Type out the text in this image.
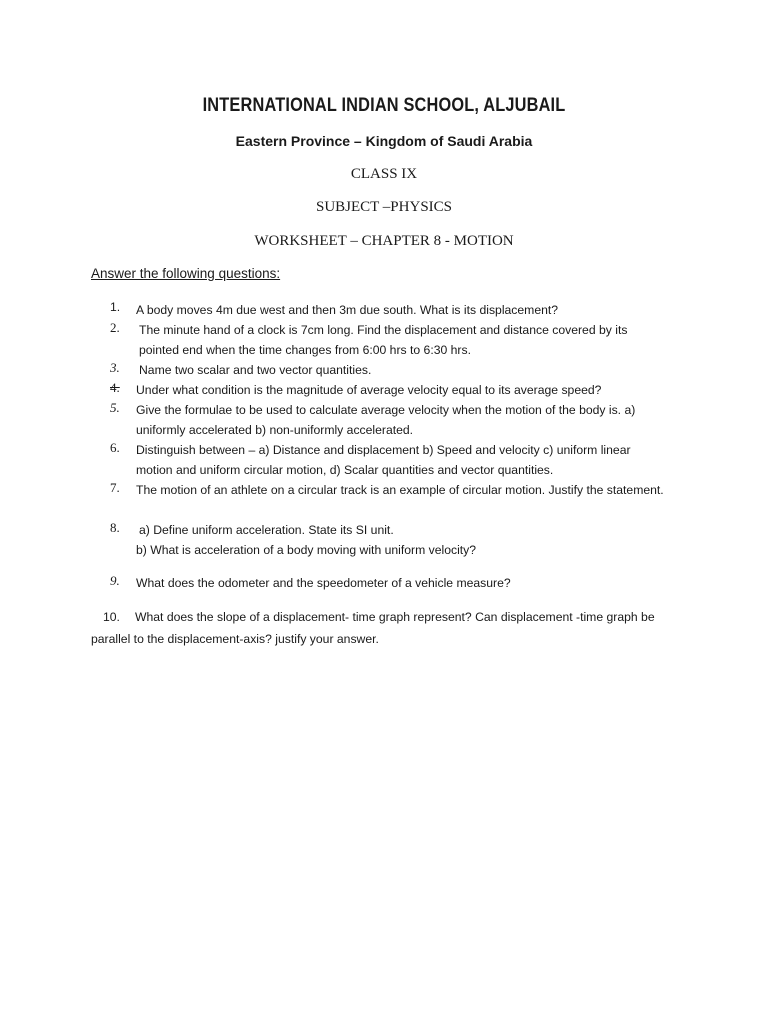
INTERNATIONAL INDIAN SCHOOL, ALJUBAIL
Eastern Province – Kingdom of Saudi Arabia
CLASS IX
SUBJECT –PHYSICS
WORKSHEET – CHAPTER 8 - MOTION
Answer the following questions:
1.	A body moves 4m due west and then 3m due south. What is its displacement?
2.	The minute hand of a clock is 7cm long. Find the displacement and distance covered by its pointed end when the time changes from 6:00 hrs to 6:30 hrs.
3.	Name two scalar and two vector quantities.
4.	Under what condition is the magnitude of average velocity equal to its average speed?
5.	Give the formulae to be used to calculate average velocity when the motion of the body is. a) uniformly accelerated b) non-uniformly accelerated.
6.	Distinguish between – a) Distance and displacement b) Speed and velocity c) uniform linear motion and uniform circular motion, d) Scalar quantities and vector quantities.
7.	The motion of an athlete on a circular track is an example of circular motion. Justify the statement.
8.	a) Define uniform acceleration. State its SI unit.
b) What is acceleration of a body moving with uniform velocity?
9.	What does the odometer and the speedometer of a vehicle measure?
10. What does the slope of a displacement- time graph represent? Can displacement -time graph be parallel to the displacement-axis? justify your answer.
